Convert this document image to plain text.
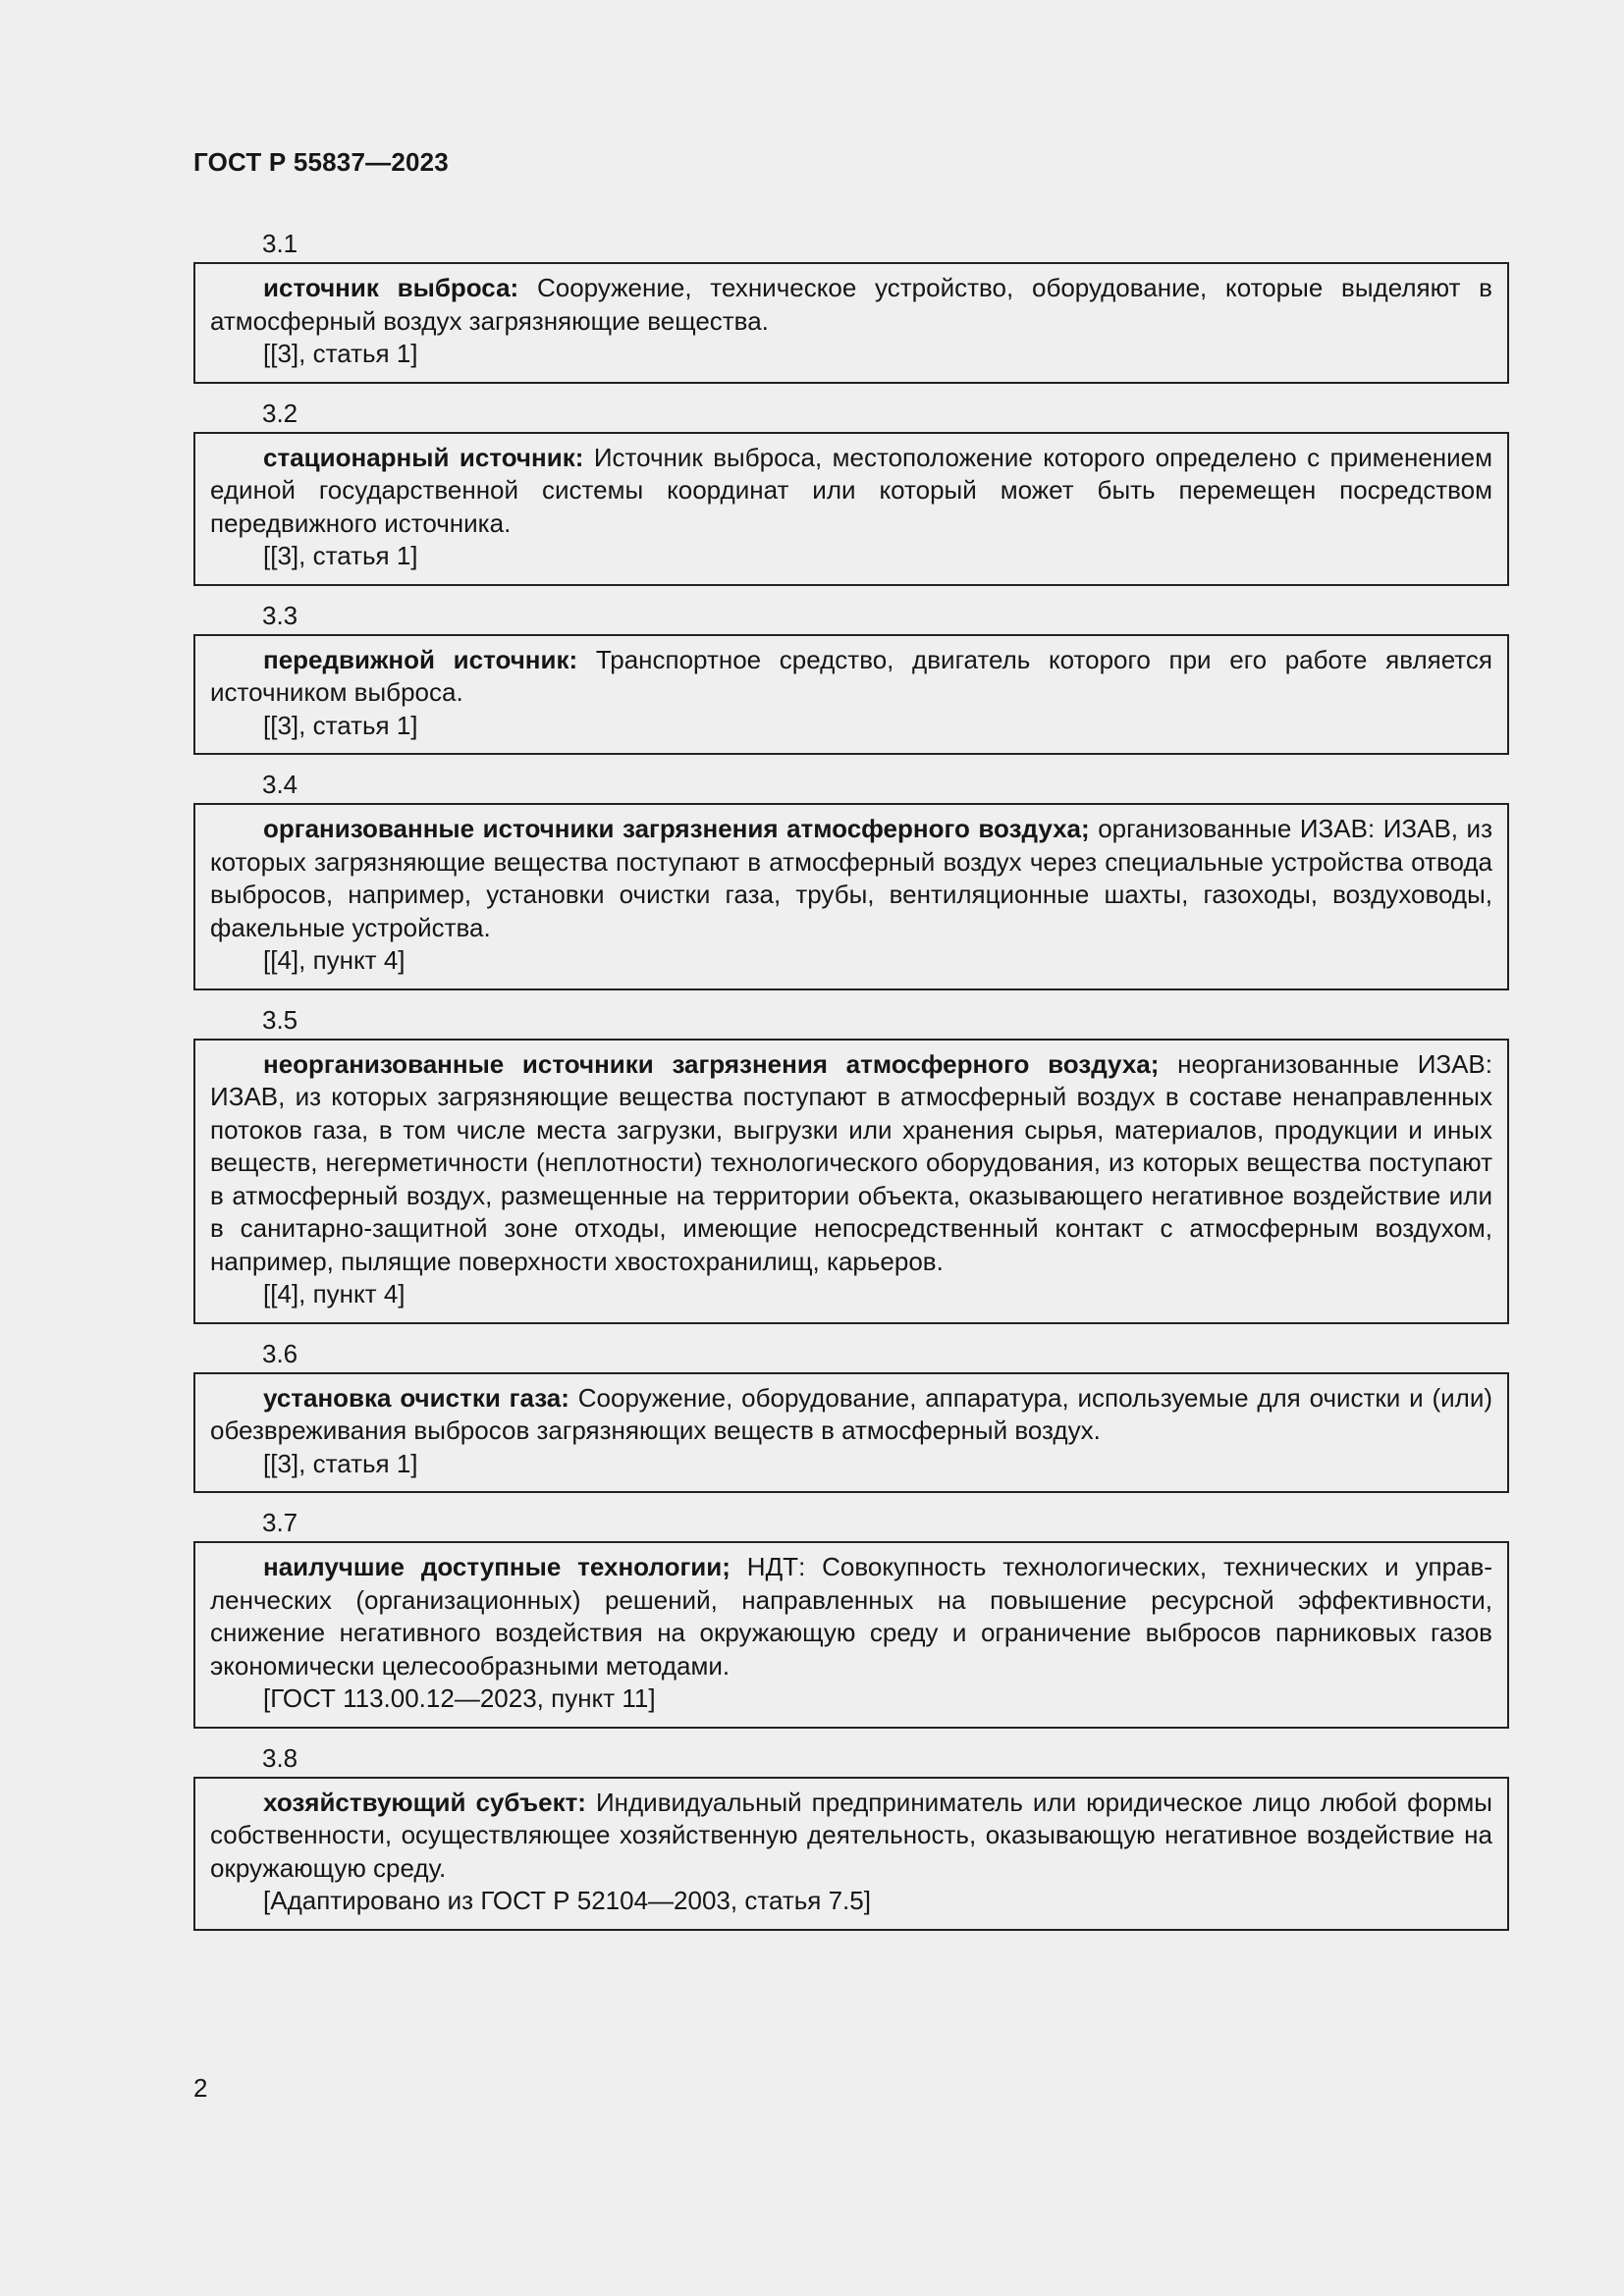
ГОСТ Р 55837—2023
3.1

источник выброса: Сооружение, техническое устройство, оборудование, которые выделяют в атмосферный воздух загрязняющие вещества.

[[3], статья 1]

3.2

стационарный источник: Источник выброса, местоположение которого определено с применением единой государственной системы координат или который может быть перемещен посредством передвижного источника.

[[3], статья 1]

3.3

передвижной источник: Транспортное средство, двигатель которого при его работе является источником выброса.

[[3], статья 1]

3.4

организованные источники загрязнения атмосферного воздуха; организованные ИЗАВ: ИЗАВ, из которых загрязняющие вещества поступают в атмосферный воздух через специальные устройства отвода выбросов, например, установки очистки газа, трубы, вентиляционные шахты, газоходы, воздуховоды, факельные устройства.

[[4], пункт 4]

3.5

неорганизованные источники загрязнения атмосферного воздуха; неорганизованные ИЗАВ: ИЗАВ, из которых загрязняющие вещества поступают в атмосферный воздух в составе ненаправленных потоков газа, в том числе места загрузки, выгрузки или хранения сырья, материалов, продукции и иных веществ, негерметичности (неплотности) технологического оборудования, из которых вещества поступают в атмосферный воздух, размещенные на территории объекта, оказывающего негативное воздействие или в санитарно-защитной зоне отходы, имеющие непосредственный контакт с атмосферным воздухом, например, пылящие поверхности хвостохранилищ, карьеров.

[[4], пункт 4]

3.6

установка очистки газа: Сооружение, оборудование, аппаратура, используемые для очистки и (или) обезвреживания выбросов загрязняющих веществ в атмосферный воздух.

[[3], статья 1]

3.7

наилучшие доступные технологии; НДТ: Совокупность технологических, технических и управленческих (организационных) решений, направленных на повышение ресурсной эффективности, снижение негативного воздействия на окружающую среду и ограничение выбросов парниковых газов экономически целесообразными методами.

[ГОСТ 113.00.12—2023, пункт 11]

3.8

хозяйствующий субъект: Индивидуальный предприниматель или юридическое лицо любой формы собственности, осуществляющее хозяйственную деятельность, оказывающую негативное воздействие на окружающую среду.

[Адаптировано из ГОСТ Р 52104—2003, статья 7.5]

2
